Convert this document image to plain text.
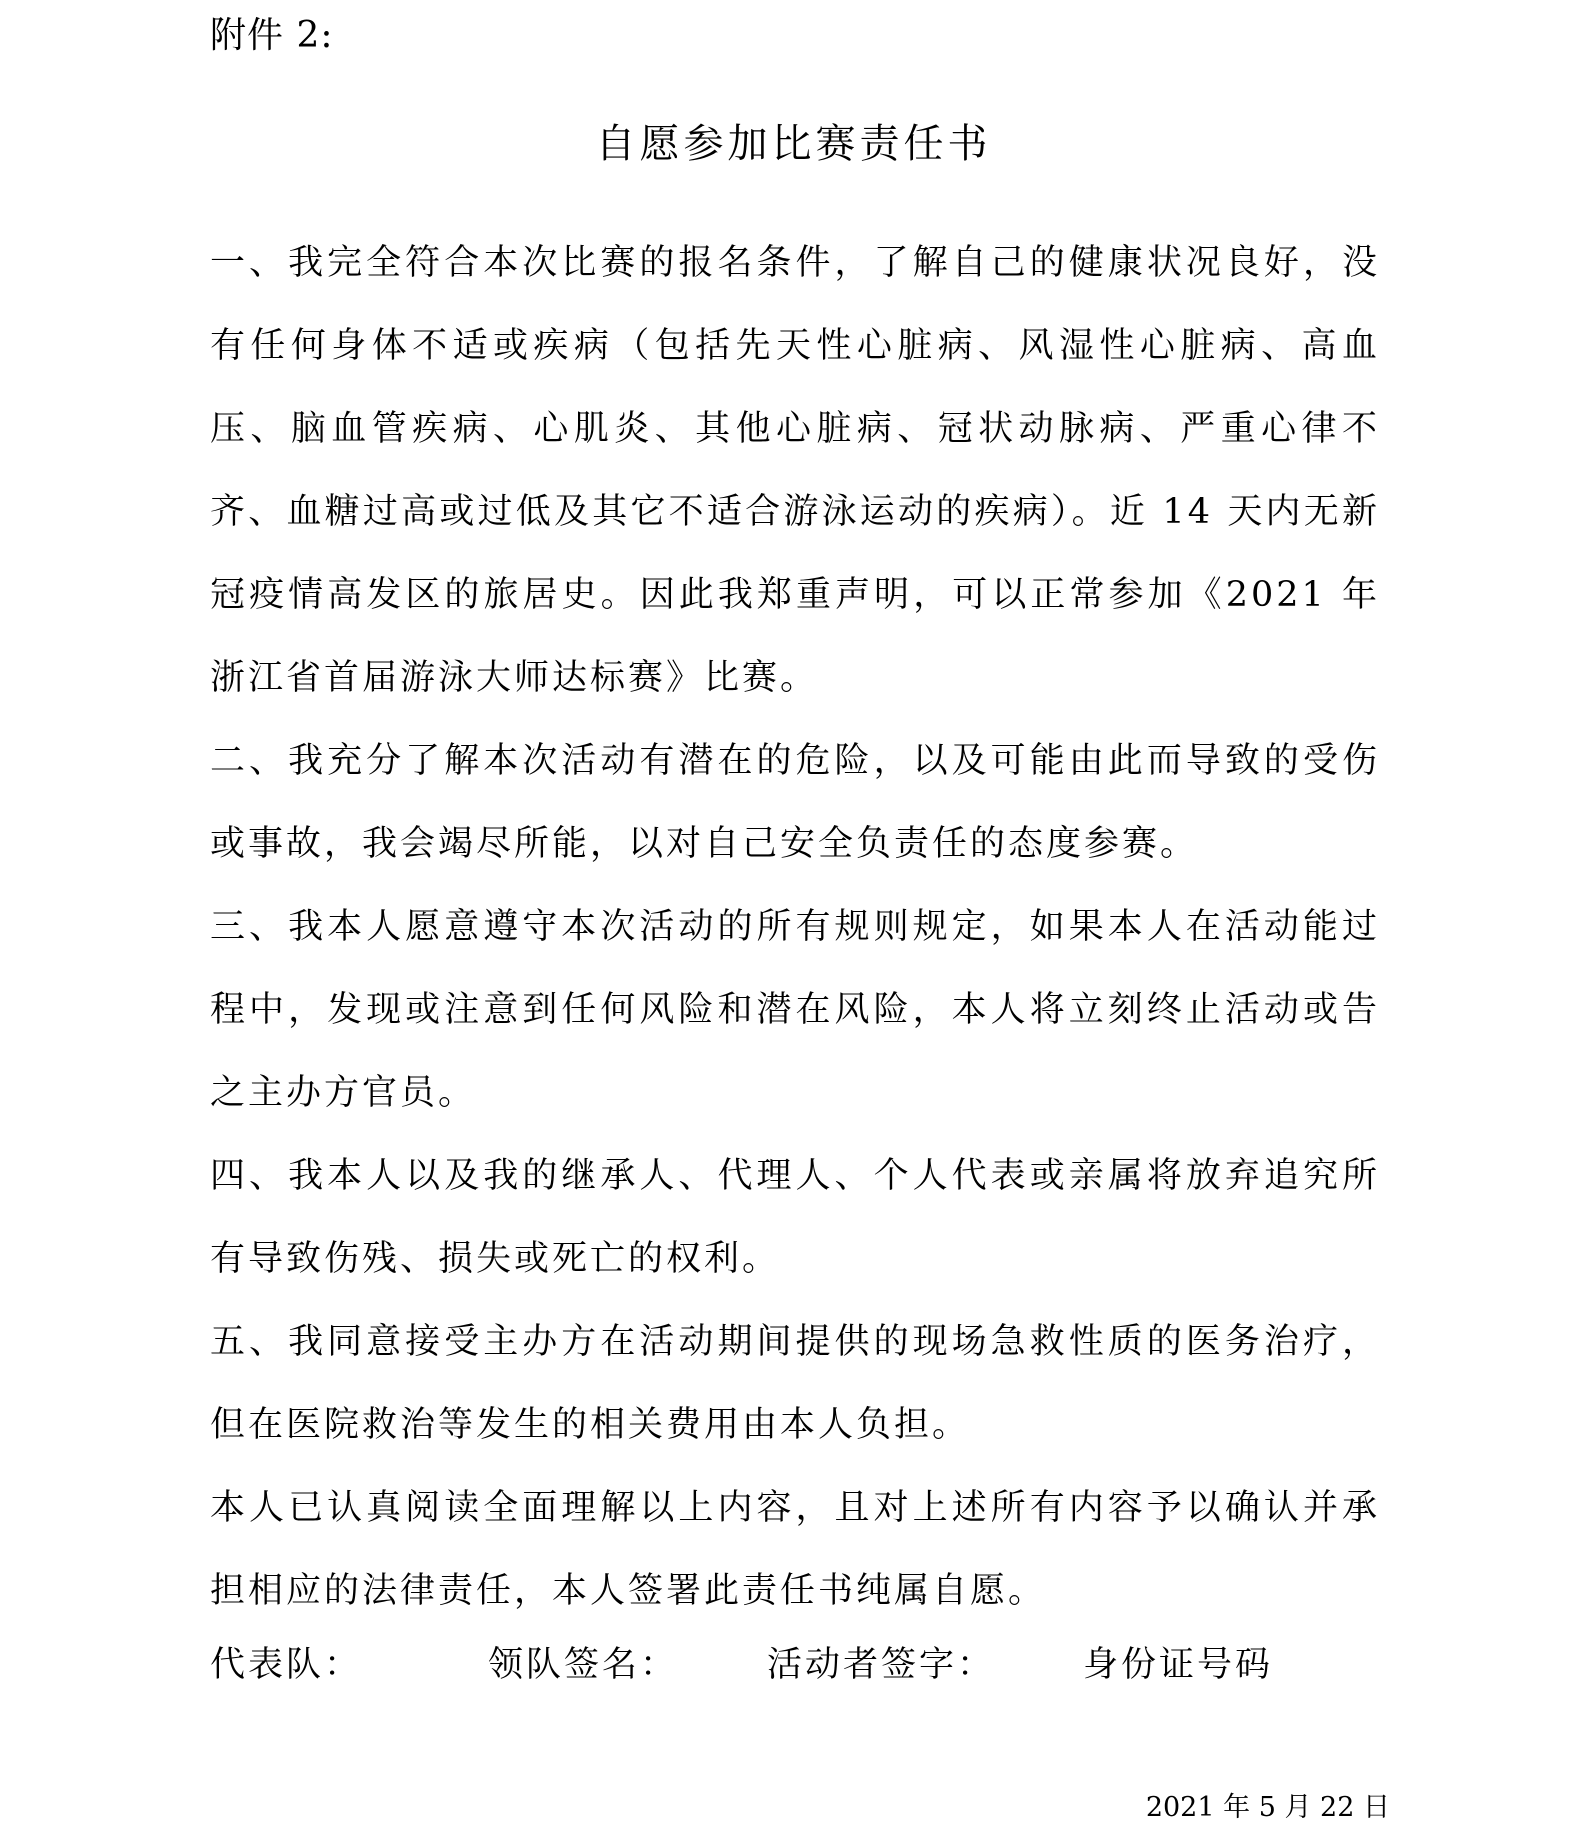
附件 2:
自愿参加比赛责任书

一、我完全符合本次比赛的报名条件，了解自己的健康状况良好，没有任何身体不适或疾病（包括先天性心脏病、风湿性心脏病、高血压、脑血管疾病、心肌炎、其他心脏病、冠状动脉病、严重心律不齐、血糖过高或过低及其它不适合游泳运动的疾病）。近 14 天内无新冠疫情高发区的旅居史。因此我郑重声明，可以正常参加《2021 年浙江省首届游泳大师达标赛》比赛。

二、我充分了解本次活动有潜在的危险，以及可能由此而导致的受伤或事故，我会竭尽所能，以对自己安全负责任的态度参赛。

三、我本人愿意遵守本次活动的所有规则规定，如果本人在活动能过程中，发现或注意到任何风险和潜在风险，本人将立刻终止活动或告之主办方官员。

四、我本人以及我的继承人、代理人、个人代表或亲属将放弃追究所有导致伤残、损失或死亡的权利。

五、我同意接受主办方在活动期间提供的现场急救性质的医务治疗，但在医院救治等发生的相关费用由本人负担。

本人已认真阅读全面理解以上内容，且对上述所有内容予以确认并承担相应的法律责任，本人签署此责任书纯属自愿。

代表队：	领队签名：	活动者签字：	身份证号码
2021 年 5 月 22 日
